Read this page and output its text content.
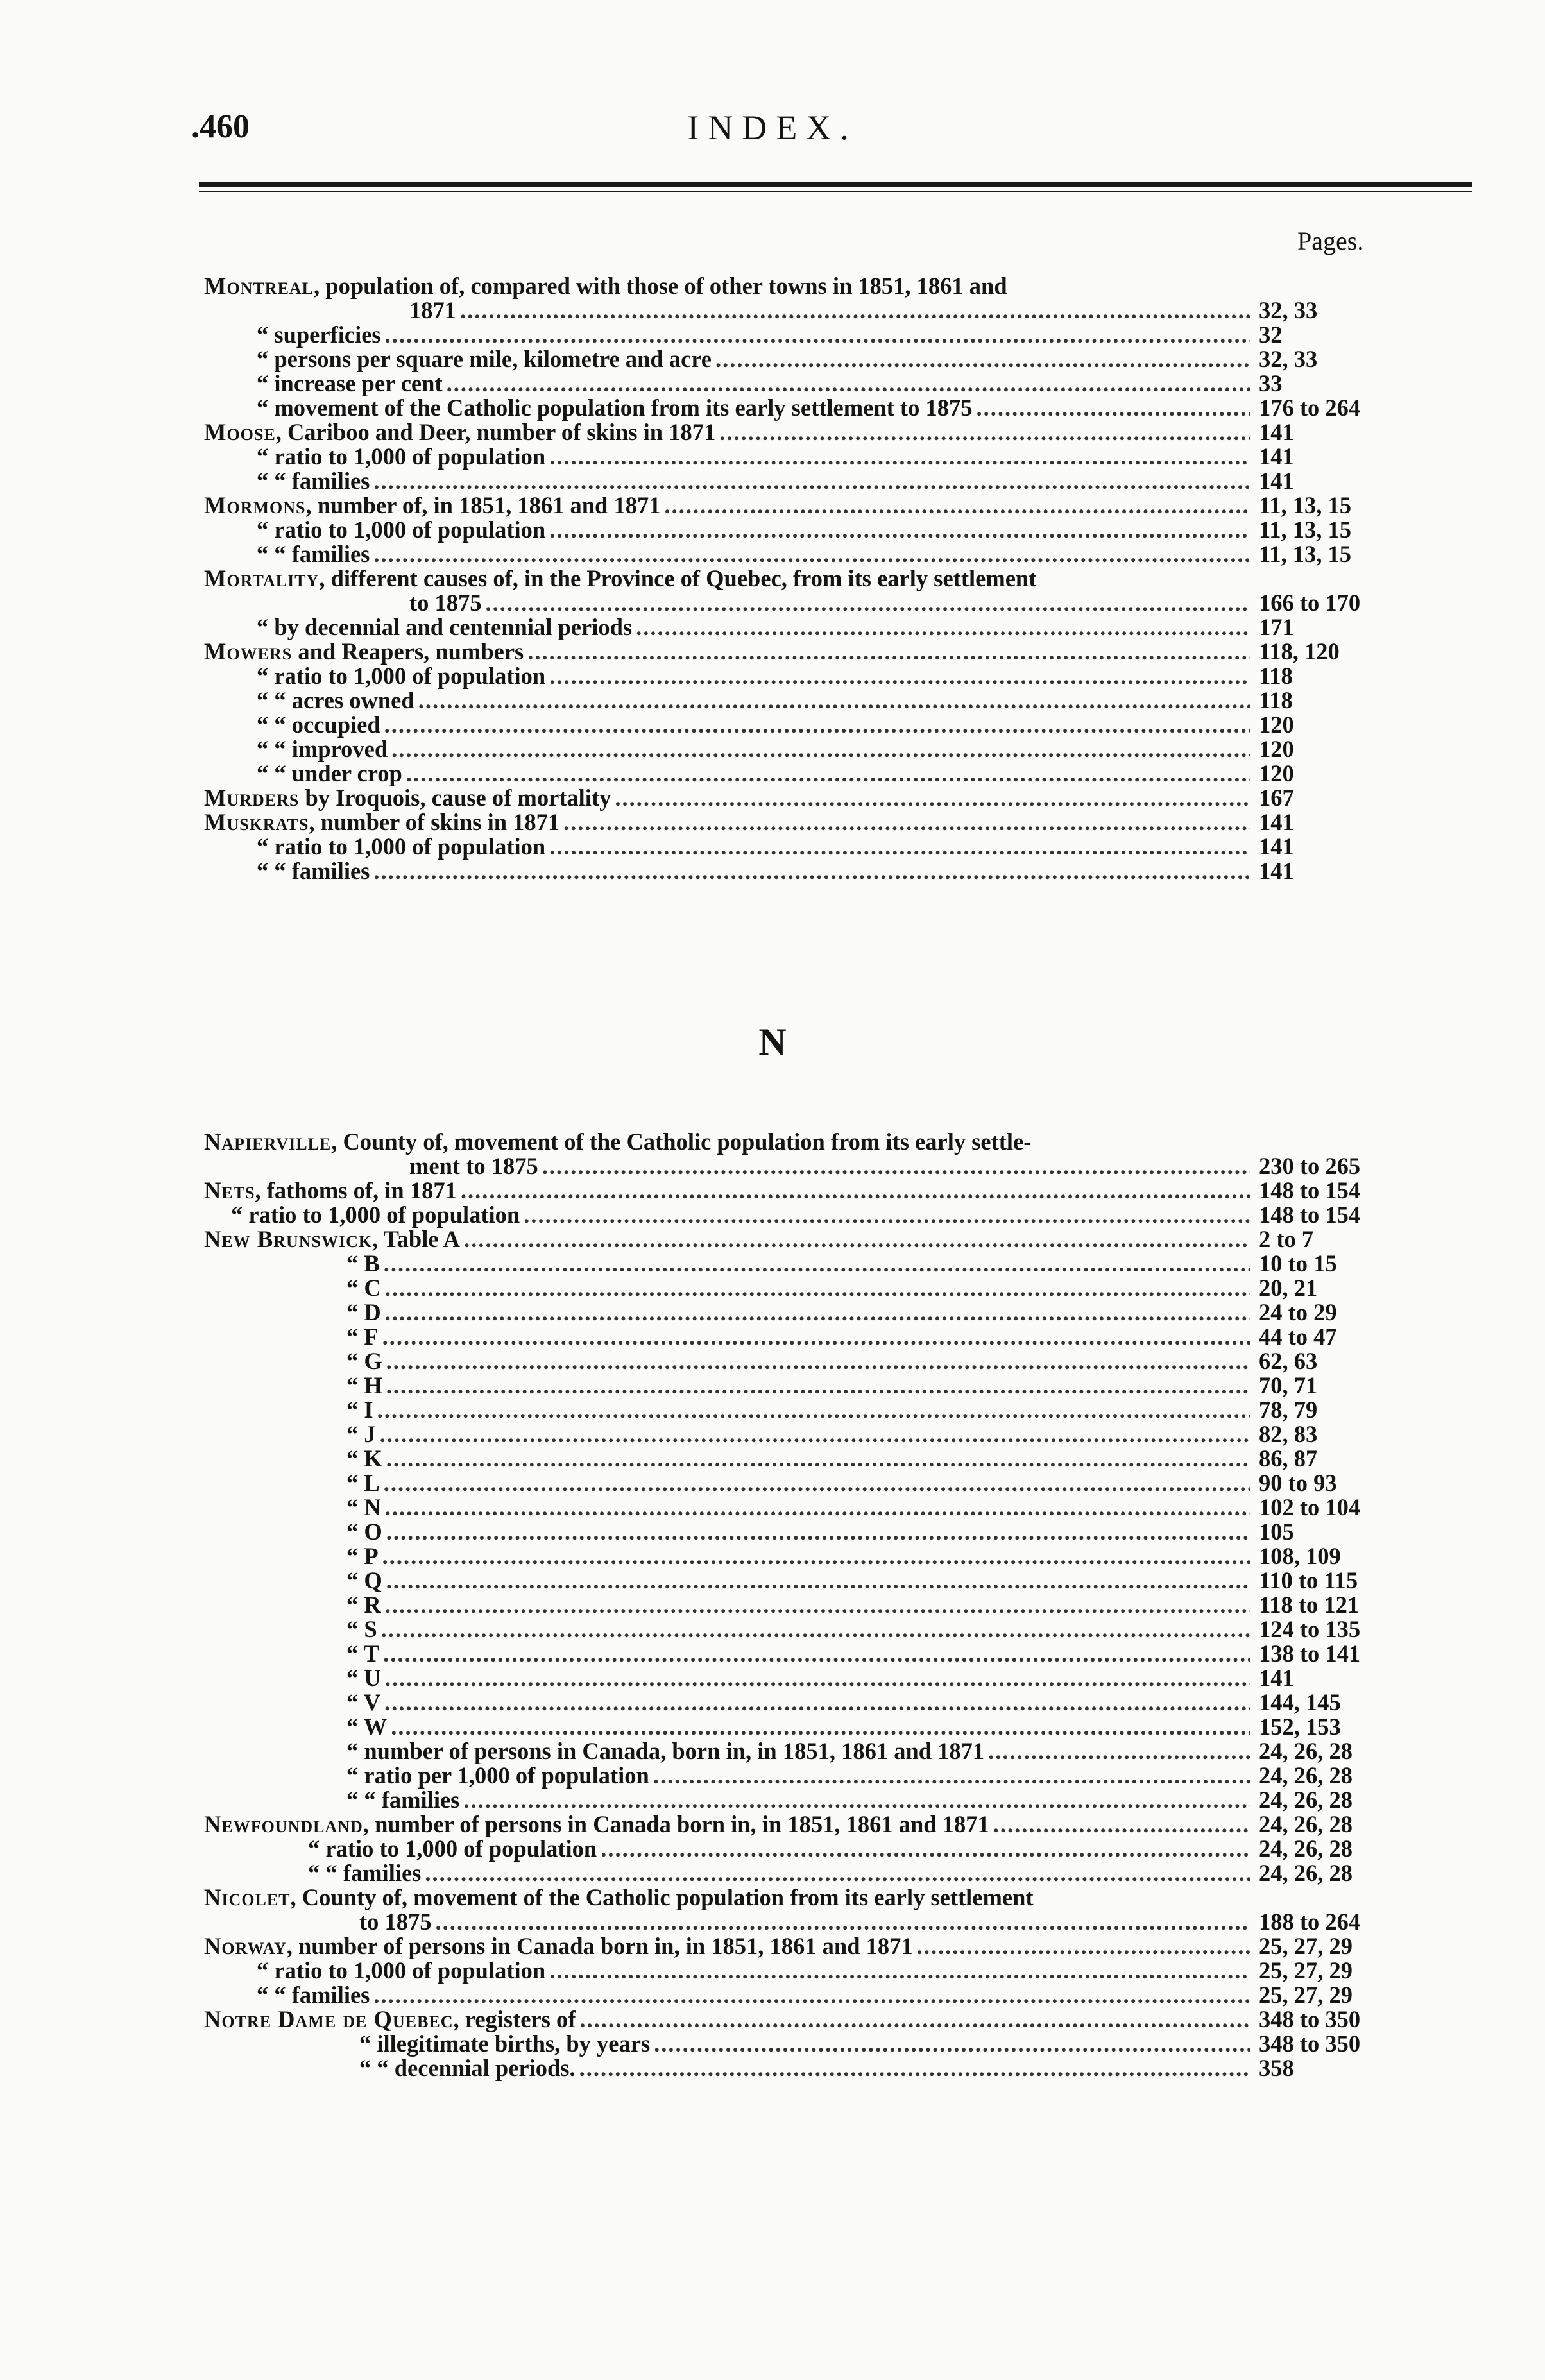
.460	INDEX.
Pages.
N
Montreal, population of, compared with those of other towns in 1851, 1861 and
1871 .....	32, 33
“ superficies .....	32
“ persons per square mile, kilometre and acre .....	32, 33
“ increase per cent .....	33
“ movement of the Catholic population from its early settlement to 1875 .....	176 to 264
Moose, Cariboo and Deer, number of skins in 1871 .....	141
“ ratio to 1,000 of population .....	141
“ “ families .....	141
Mormons, number of, in 1851, 1861 and 1871 .....	11, 13, 15
“ ratio to 1,000 of population .....	11, 13, 15
“ “ families .....	11, 13, 15
Mortality, different causes of, in the Province of Quebec, from its early settlement
to 1875 .....	166 to 170
“ by decennial and centennial periods .....	171
Mowers and Reapers, numbers .....	118, 120
“ ratio to 1,000 of population .....	118
“ “ acres owned .....	118
“ “ occupied .....	120
“ “ improved .....	120
“ “ under crop .....	120
Murders by Iroquois, cause of mortality .....	167
Muskrats, number of skins in 1871 .....	141
“ ratio to 1,000 of population .....	141
“ “ families .....	141
Napierville, County of, movement of the Catholic population from its early settle-
ment to 1875 .....	230 to 265
Nets, fathoms of, in 1871 .....	148 to 154
“ ratio to 1,000 of population .....	148 to 154
New Brunswick, Table A .....	2 to 7
“ B .....	10 to 15
“ C .....	20, 21
“ D .....	24 to 29
“ F .....	44 to 47
“ G .....	62, 63
“ H .....	70, 71
“ I .....	78, 79
“ J .....	82, 83
“ K .....	86, 87
“ L .....	90 to 93
“ N .....	102 to 104
“ O .....	105
“ P .....	108, 109
“ Q .....	110 to 115
“ R .....	118 to 121
“ S .....	124 to 135
“ T .....	138 to 141
“ U .....	141
“ V .....	144, 145
“ W .....	152, 153
“ number of persons in Canada, born in, in 1851, 1861 and 1871 .....	24, 26, 28
“ ratio per 1,000 of population .....	24, 26, 28
“ “ families .....	24, 26, 28
Newfoundland, number of persons in Canada born in, in 1851, 1861 and 1871 .....	24, 26, 28
“ ratio to 1,000 of population .....	24, 26, 28
“ “ families .....	24, 26, 28
Nicolet, County of, movement of the Catholic population from its early settlement
to 1875 .....	188 to 264
Norway, number of persons in Canada born in, in 1851, 1861 and 1871 .....	25, 27, 29
“ ratio to 1,000 of population .....	25, 27, 29
“ “ families .....	25, 27, 29
Notre Dame de Quebec, registers of .....	348 to 350
“ illegitimate births, by years .....	348 to 350
“ “ decennial periods. .....	358
